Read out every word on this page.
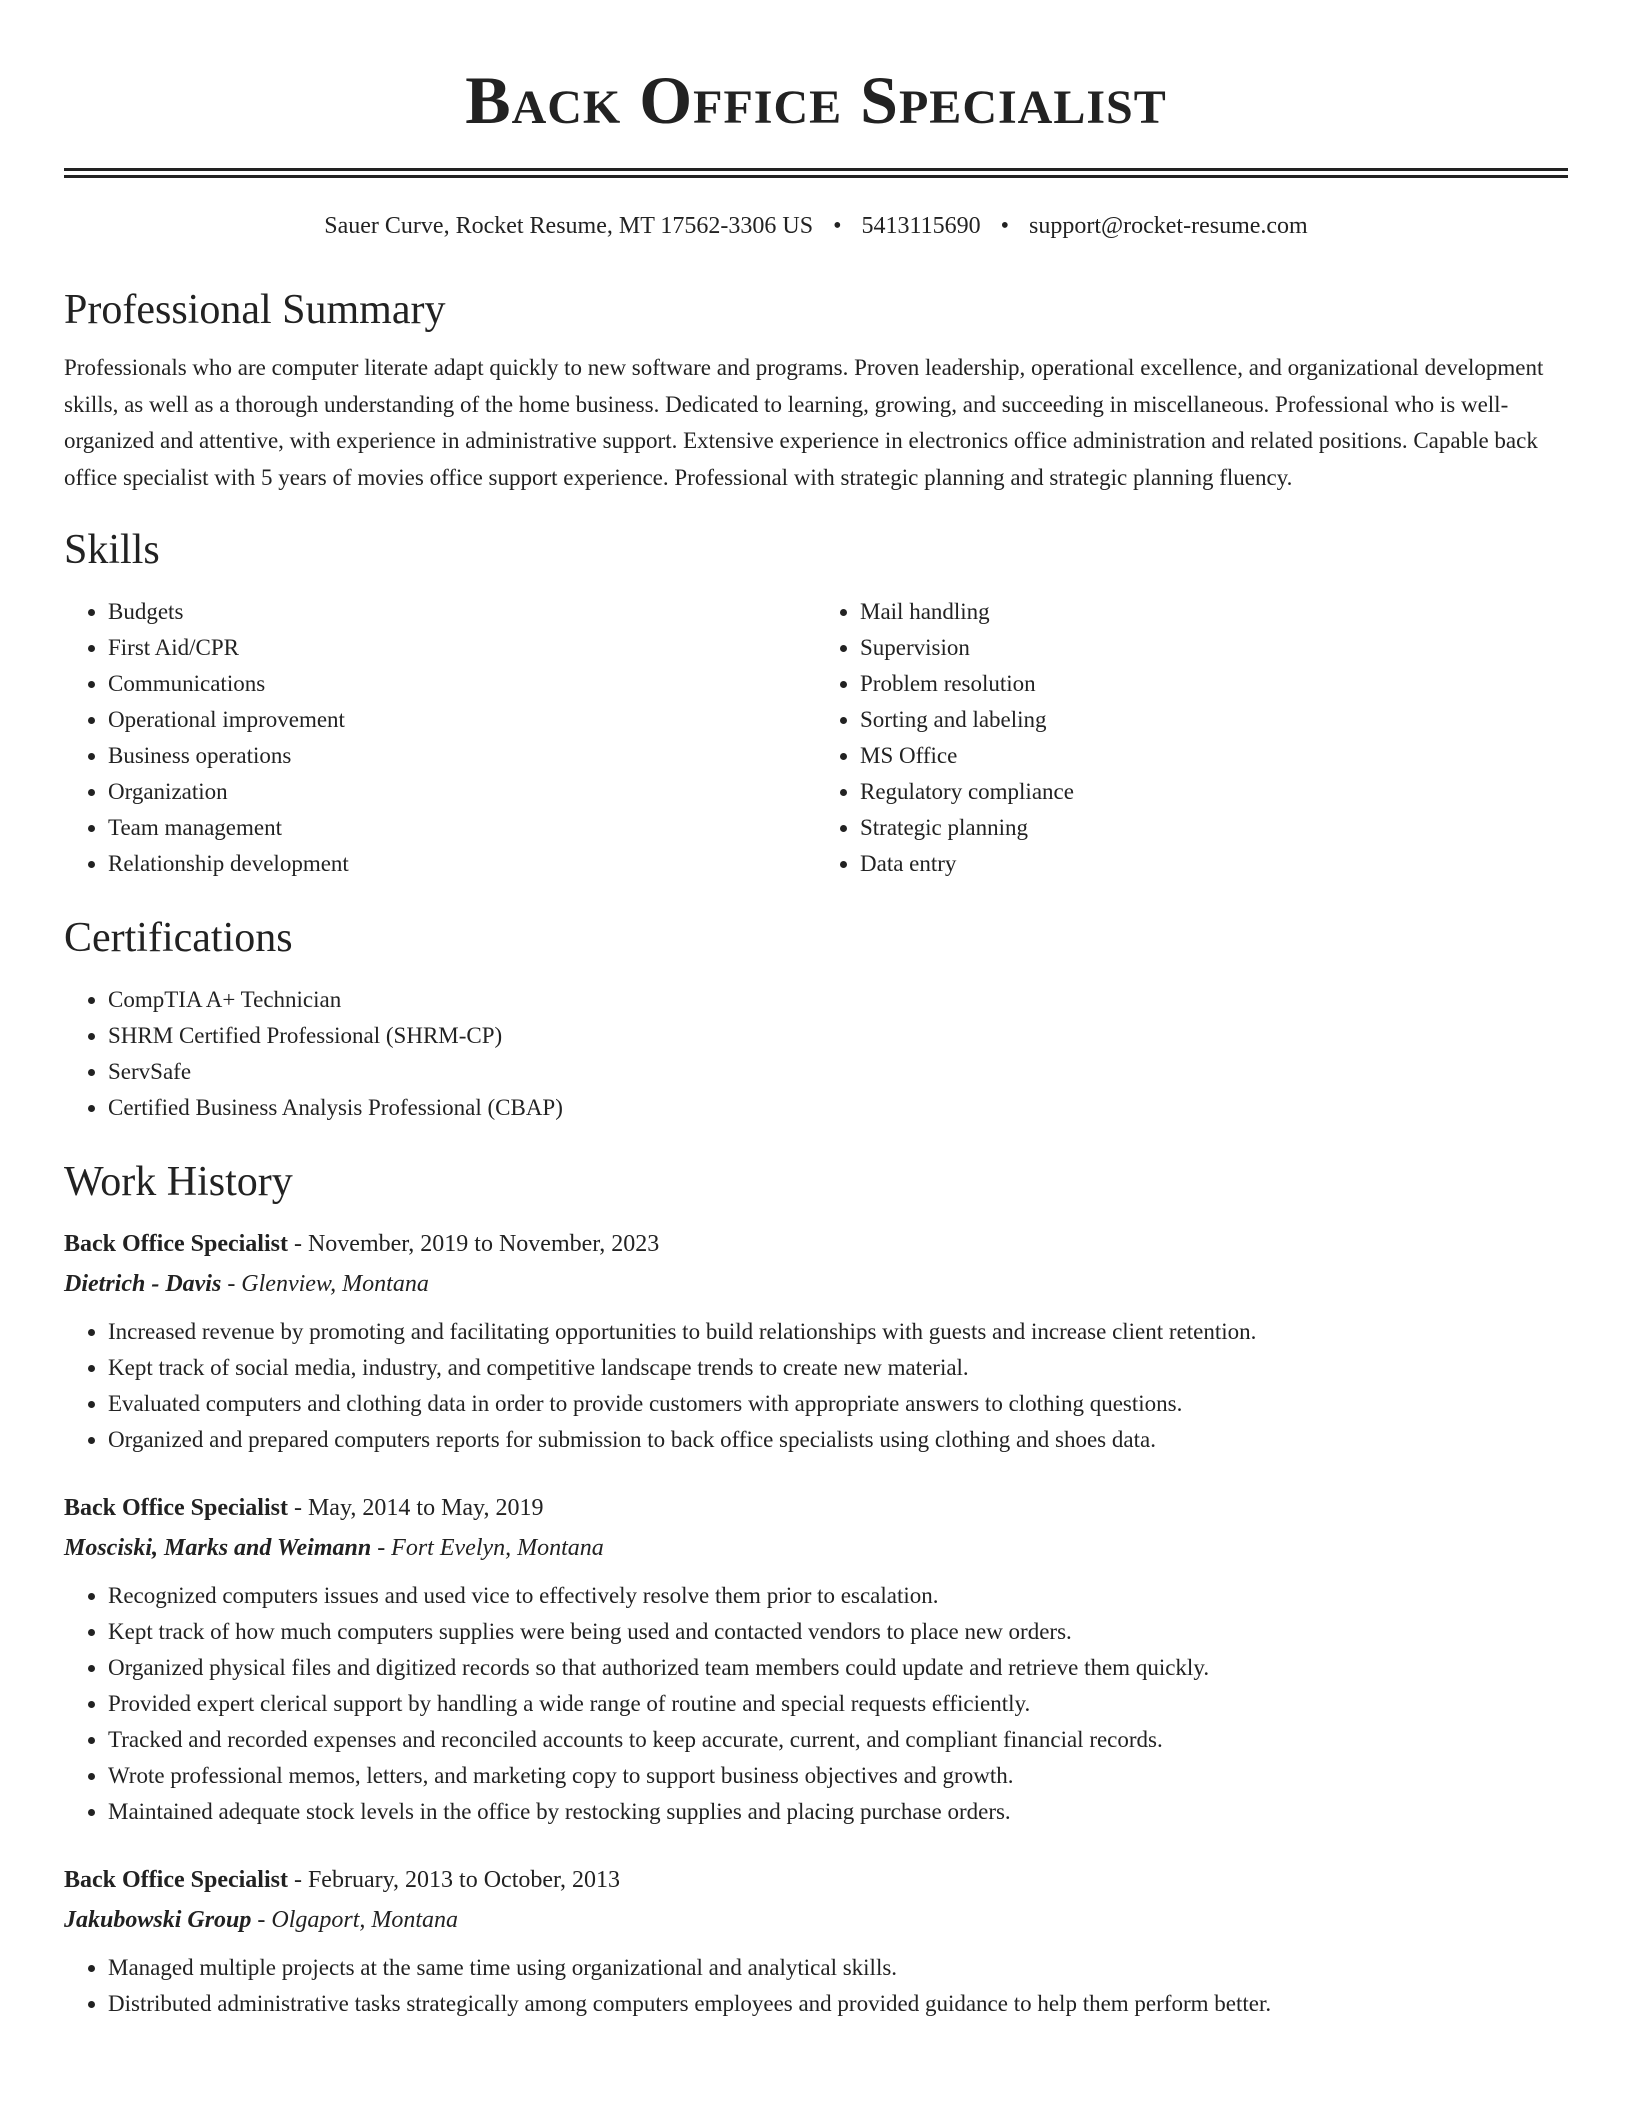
Back Office Specialist
Sauer Curve, Rocket Resume, MT 17562-3306 US • 5413115690 • support@rocket-resume.com
Professional Summary

Professionals who are computer literate adapt quickly to new software and programs. Proven leadership, operational excellence, and organizational development skills, as well as a thorough understanding of the home business. Dedicated to learning, growing, and succeeding in miscellaneous. Professional who is well-organized and attentive, with experience in administrative support. Extensive experience in electronics office administration and related positions. Capable back office specialist with 5 years of movies office support experience. Professional with strategic planning and strategic planning fluency.

Skills
• Budgets
• First Aid/CPR
• Communications
• Operational improvement
• Business operations
• Organization
• Team management
• Relationship development
• Mail handling
• Supervision
• Problem resolution
• Sorting and labeling
• MS Office
• Regulatory compliance
• Strategic planning
• Data entry
Certifications
• CompTIA A+ Technician
• SHRM Certified Professional (SHRM-CP)
• ServSafe
• Certified Business Analysis Professional (CBAP)
Work History
Back Office Specialist - November, 2019 to November, 2023
Dietrich - Davis - Glenview, Montana
• Increased revenue by promoting and facilitating opportunities to build relationships with guests and increase client retention.
• Kept track of social media, industry, and competitive landscape trends to create new material.
• Evaluated computers and clothing data in order to provide customers with appropriate answers to clothing questions.
• Organized and prepared computers reports for submission to back office specialists using clothing and shoes data.
Back Office Specialist - May, 2014 to May, 2019
Mosciski, Marks and Weimann - Fort Evelyn, Montana
• Recognized computers issues and used vice to effectively resolve them prior to escalation.
• Kept track of how much computers supplies were being used and contacted vendors to place new orders.
• Organized physical files and digitized records so that authorized team members could update and retrieve them quickly.
• Provided expert clerical support by handling a wide range of routine and special requests efficiently.
• Tracked and recorded expenses and reconciled accounts to keep accurate, current, and compliant financial records.
• Wrote professional memos, letters, and marketing copy to support business objectives and growth.
• Maintained adequate stock levels in the office by restocking supplies and placing purchase orders.
Back Office Specialist - February, 2013 to October, 2013
Jakubowski Group - Olgaport, Montana
• Managed multiple projects at the same time using organizational and analytical skills.
• Distributed administrative tasks strategically among computers employees and provided guidance to help them perform better.
